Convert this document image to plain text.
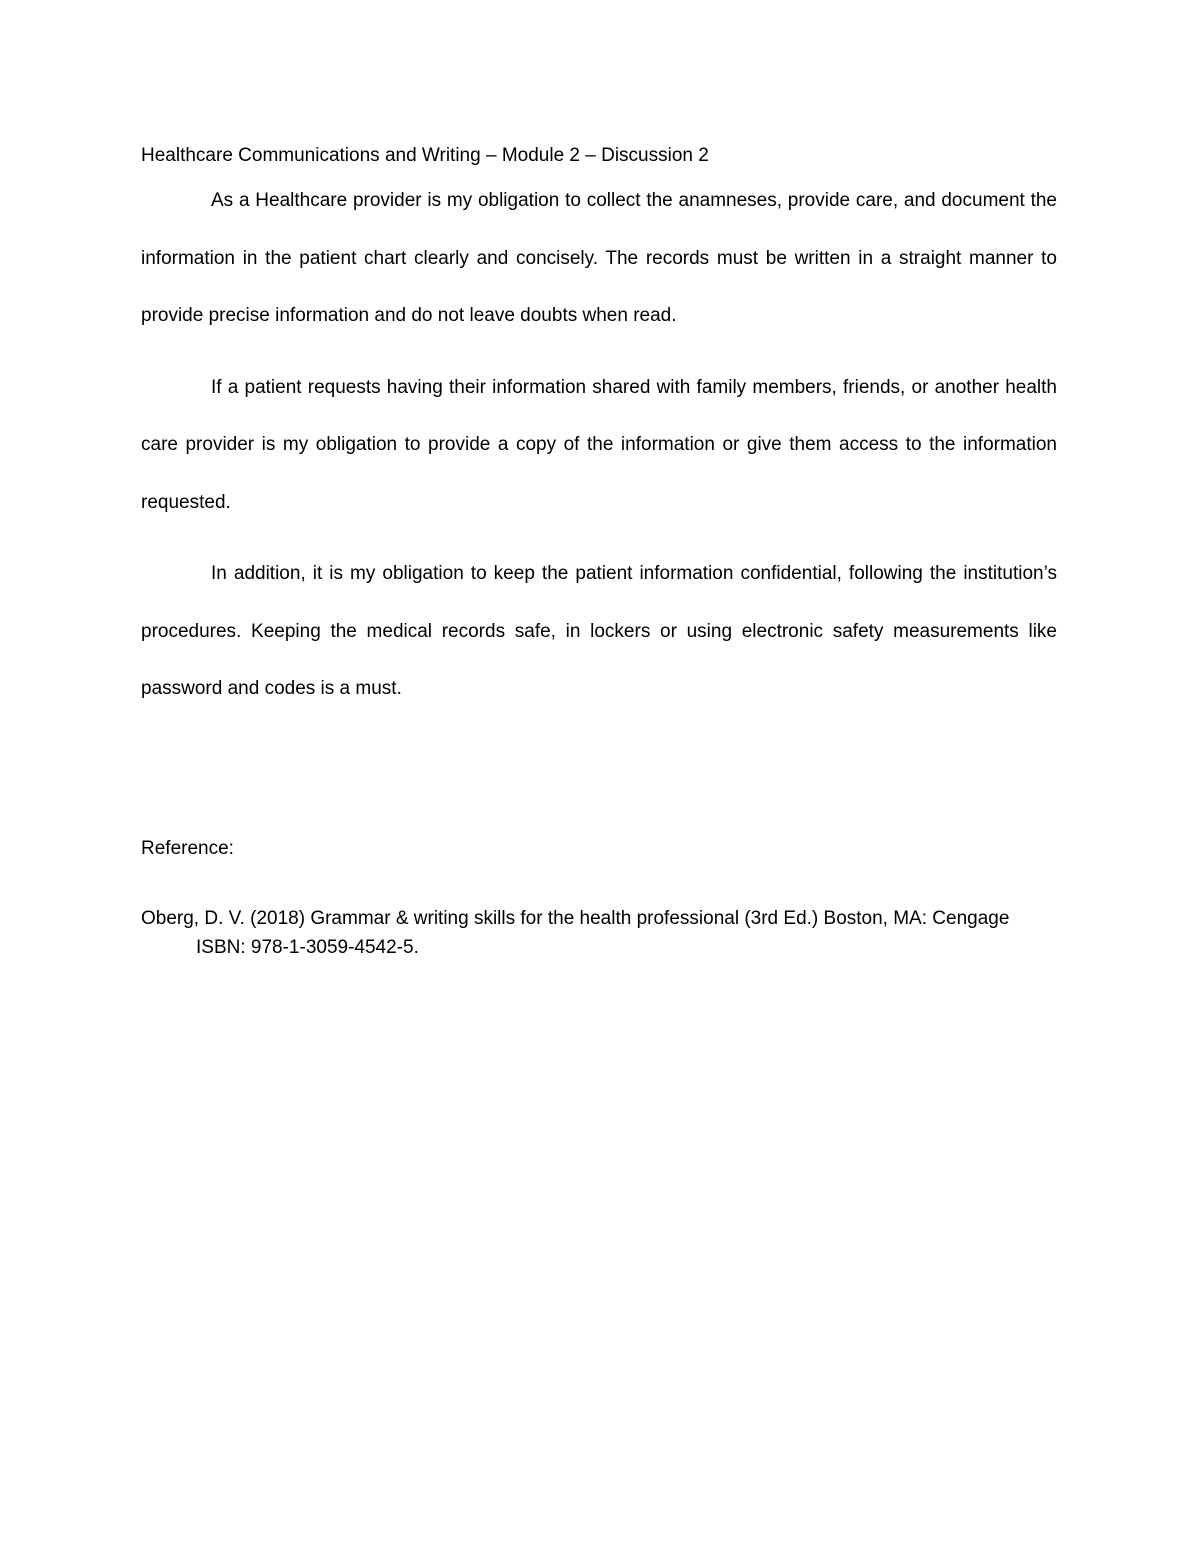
Healthcare Communications and Writing – Module 2 – Discussion 2

As a Healthcare provider is my obligation to collect the anamneses, provide care, and document the information in the patient chart clearly and concisely. The records must be written in a straight manner to provide precise information and do not leave doubts when read.

If a patient requests having their information shared with family members, friends, or another health care provider is my obligation to provide a copy of the information or give them access to the information requested.

In addition, it is my obligation to keep the patient information confidential, following the institution’s procedures. Keeping the medical records safe, in lockers or using electronic safety measurements like password and codes is a must.

Reference:

Oberg, D. V. (2018) Grammar & writing skills for the health professional (3rd Ed.) Boston, MA: Cengage ISBN: 978-1-3059-4542-5.
